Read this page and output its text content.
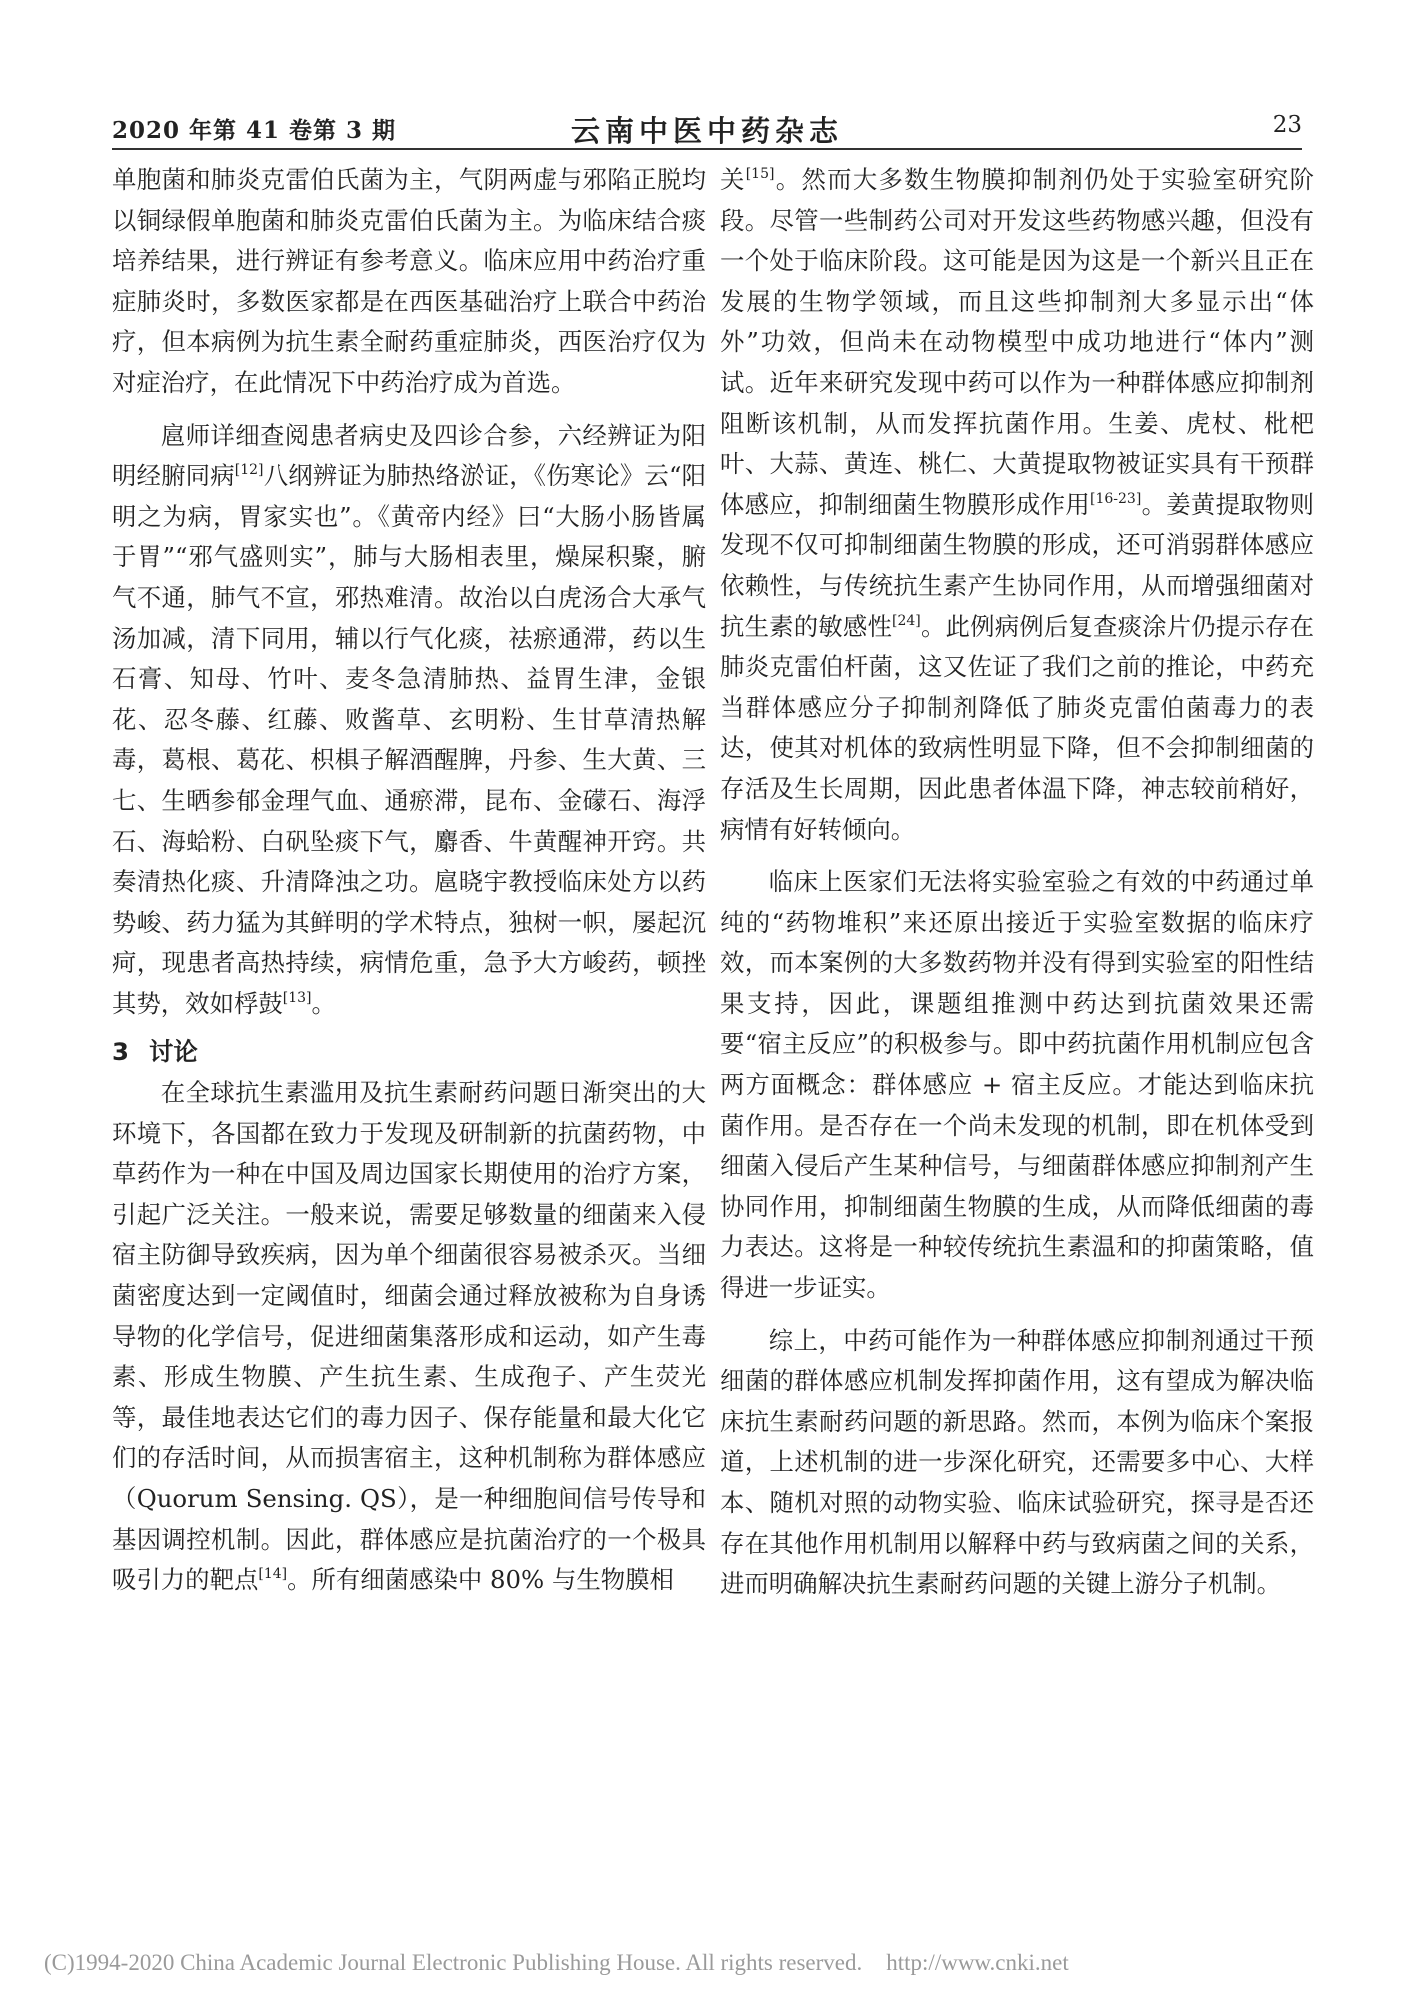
2020 年第 41 卷第 3 期	云南中医中药杂志	23

单胞菌和肺炎克雷伯氏菌为主，气阴两虚与邪陷正脱均以铜绿假单胞菌和肺炎克雷伯氏菌为主。为临床结合痰培养结果，进行辨证有参考意义。临床应用中药治疗重症肺炎时，多数医家都是在西医基础治疗上联合中药治疗，但本病例为抗生素全耐药重症肺炎，西医治疗仅为对症治疗，在此情况下中药治疗成为首选。

扈师详细查阅患者病史及四诊合参，六经辨证为阳明经腑同病[12]八纲辨证为肺热络淤证，《伤寒论》云“阳明之为病，胃家实也”。《黄帝内经》曰“大肠小肠皆属于胃”“邪气盛则实”，肺与大肠相表里，燥屎积聚，腑气不通，肺气不宣，邪热难清。故治以白虎汤合大承气汤加减，清下同用，辅以行气化痰，祛瘀通滞，药以生石膏、知母、竹叶、麦冬急清肺热、益胃生津，金银花、忍冬藤、红藤、败酱草、玄明粉、生甘草清热解毒，葛根、葛花、枳椇子解酒醒脾，丹参、生大黄、三七、生晒参郁金理气血、通瘀滞，昆布、金礞石、海浮石、海蛤粉、白矾坠痰下气，麝香、牛黄醒神开窍。共奏清热化痰、升清降浊之功。扈晓宇教授临床处方以药势峻、药力猛为其鲜明的学术特点，独树一帜，屡起沉疴，现患者高热持续，病情危重，急予大方峻药，顿挫其势，效如桴鼓[13]。

3 讨论

在全球抗生素滥用及抗生素耐药问题日渐突出的大环境下，各国都在致力于发现及研制新的抗菌药物，中草药作为一种在中国及周边国家长期使用的治疗方案，引起广泛关注。一般来说，需要足够数量的细菌来入侵宿主防御导致疾病，因为单个细菌很容易被杀灭。当细菌密度达到一定阈值时，细菌会通过释放被称为自身诱导物的化学信号，促进细菌集落形成和运动，如产生毒素、形成生物膜、产生抗生素、生成孢子、产生荧光等，最佳地表达它们的毒力因子、保存能量和最大化它们的存活时间，从而损害宿主，这种机制称为群体感应（Quorum Sensing. QS），是一种细胞间信号传导和基因调控机制。因此，群体感应是抗菌治疗的一个极具吸引力的靶点[14]。所有细菌感染中 80% 与生物膜相

关[15]。然而大多数生物膜抑制剂仍处于实验室研究阶段。尽管一些制药公司对开发这些药物感兴趣，但没有一个处于临床阶段。这可能是因为这是一个新兴且正在发展的生物学领域，而且这些抑制剂大多显示出“体外”功效，但尚未在动物模型中成功地进行“体内”测试。近年来研究发现中药可以作为一种群体感应抑制剂阻断该机制，从而发挥抗菌作用。生姜、虎杖、枇杷叶、大蒜、黄连、桃仁、大黄提取物被证实具有干预群体感应，抑制细菌生物膜形成作用[16-23]。姜黄提取物则发现不仅可抑制细菌生物膜的形成，还可消弱群体感应依赖性，与传统抗生素产生协同作用，从而增强细菌对抗生素的敏感性[24]。此例病例后复查痰涂片仍提示存在肺炎克雷伯杆菌，这又佐证了我们之前的推论，中药充当群体感应分子抑制剂降低了肺炎克雷伯菌毒力的表达，使其对机体的致病性明显下降，但不会抑制细菌的存活及生长周期，因此患者体温下降，神志较前稍好，病情有好转倾向。

临床上医家们无法将实验室验之有效的中药通过单纯的“药物堆积”来还原出接近于实验室数据的临床疗效，而本案例的大多数药物并没有得到实验室的阳性结果支持，因此，课题组推测中药达到抗菌效果还需要“宿主反应”的积极参与。即中药抗菌作用机制应包含两方面概念：群体感应 + 宿主反应。才能达到临床抗菌作用。是否存在一个尚未发现的机制，即在机体受到细菌入侵后产生某种信号，与细菌群体感应抑制剂产生协同作用，抑制细菌生物膜的生成，从而降低细菌的毒力表达。这将是一种较传统抗生素温和的抑菌策略，值得进一步证实。

综上，中药可能作为一种群体感应抑制剂通过干预细菌的群体感应机制发挥抑菌作用，这有望成为解决临床抗生素耐药问题的新思路。然而，本例为临床个案报道，上述机制的进一步深化研究，还需要多中心、大样本、随机对照的动物实验、临床试验研究，探寻是否还存在其他作用机制用以解释中药与致病菌之间的关系，进而明确解决抗生素耐药问题的关键上游分子机制。

(C)1994-2020 China Academic Journal Electronic Publishing House. All rights reserved. http://www.cnki.net
